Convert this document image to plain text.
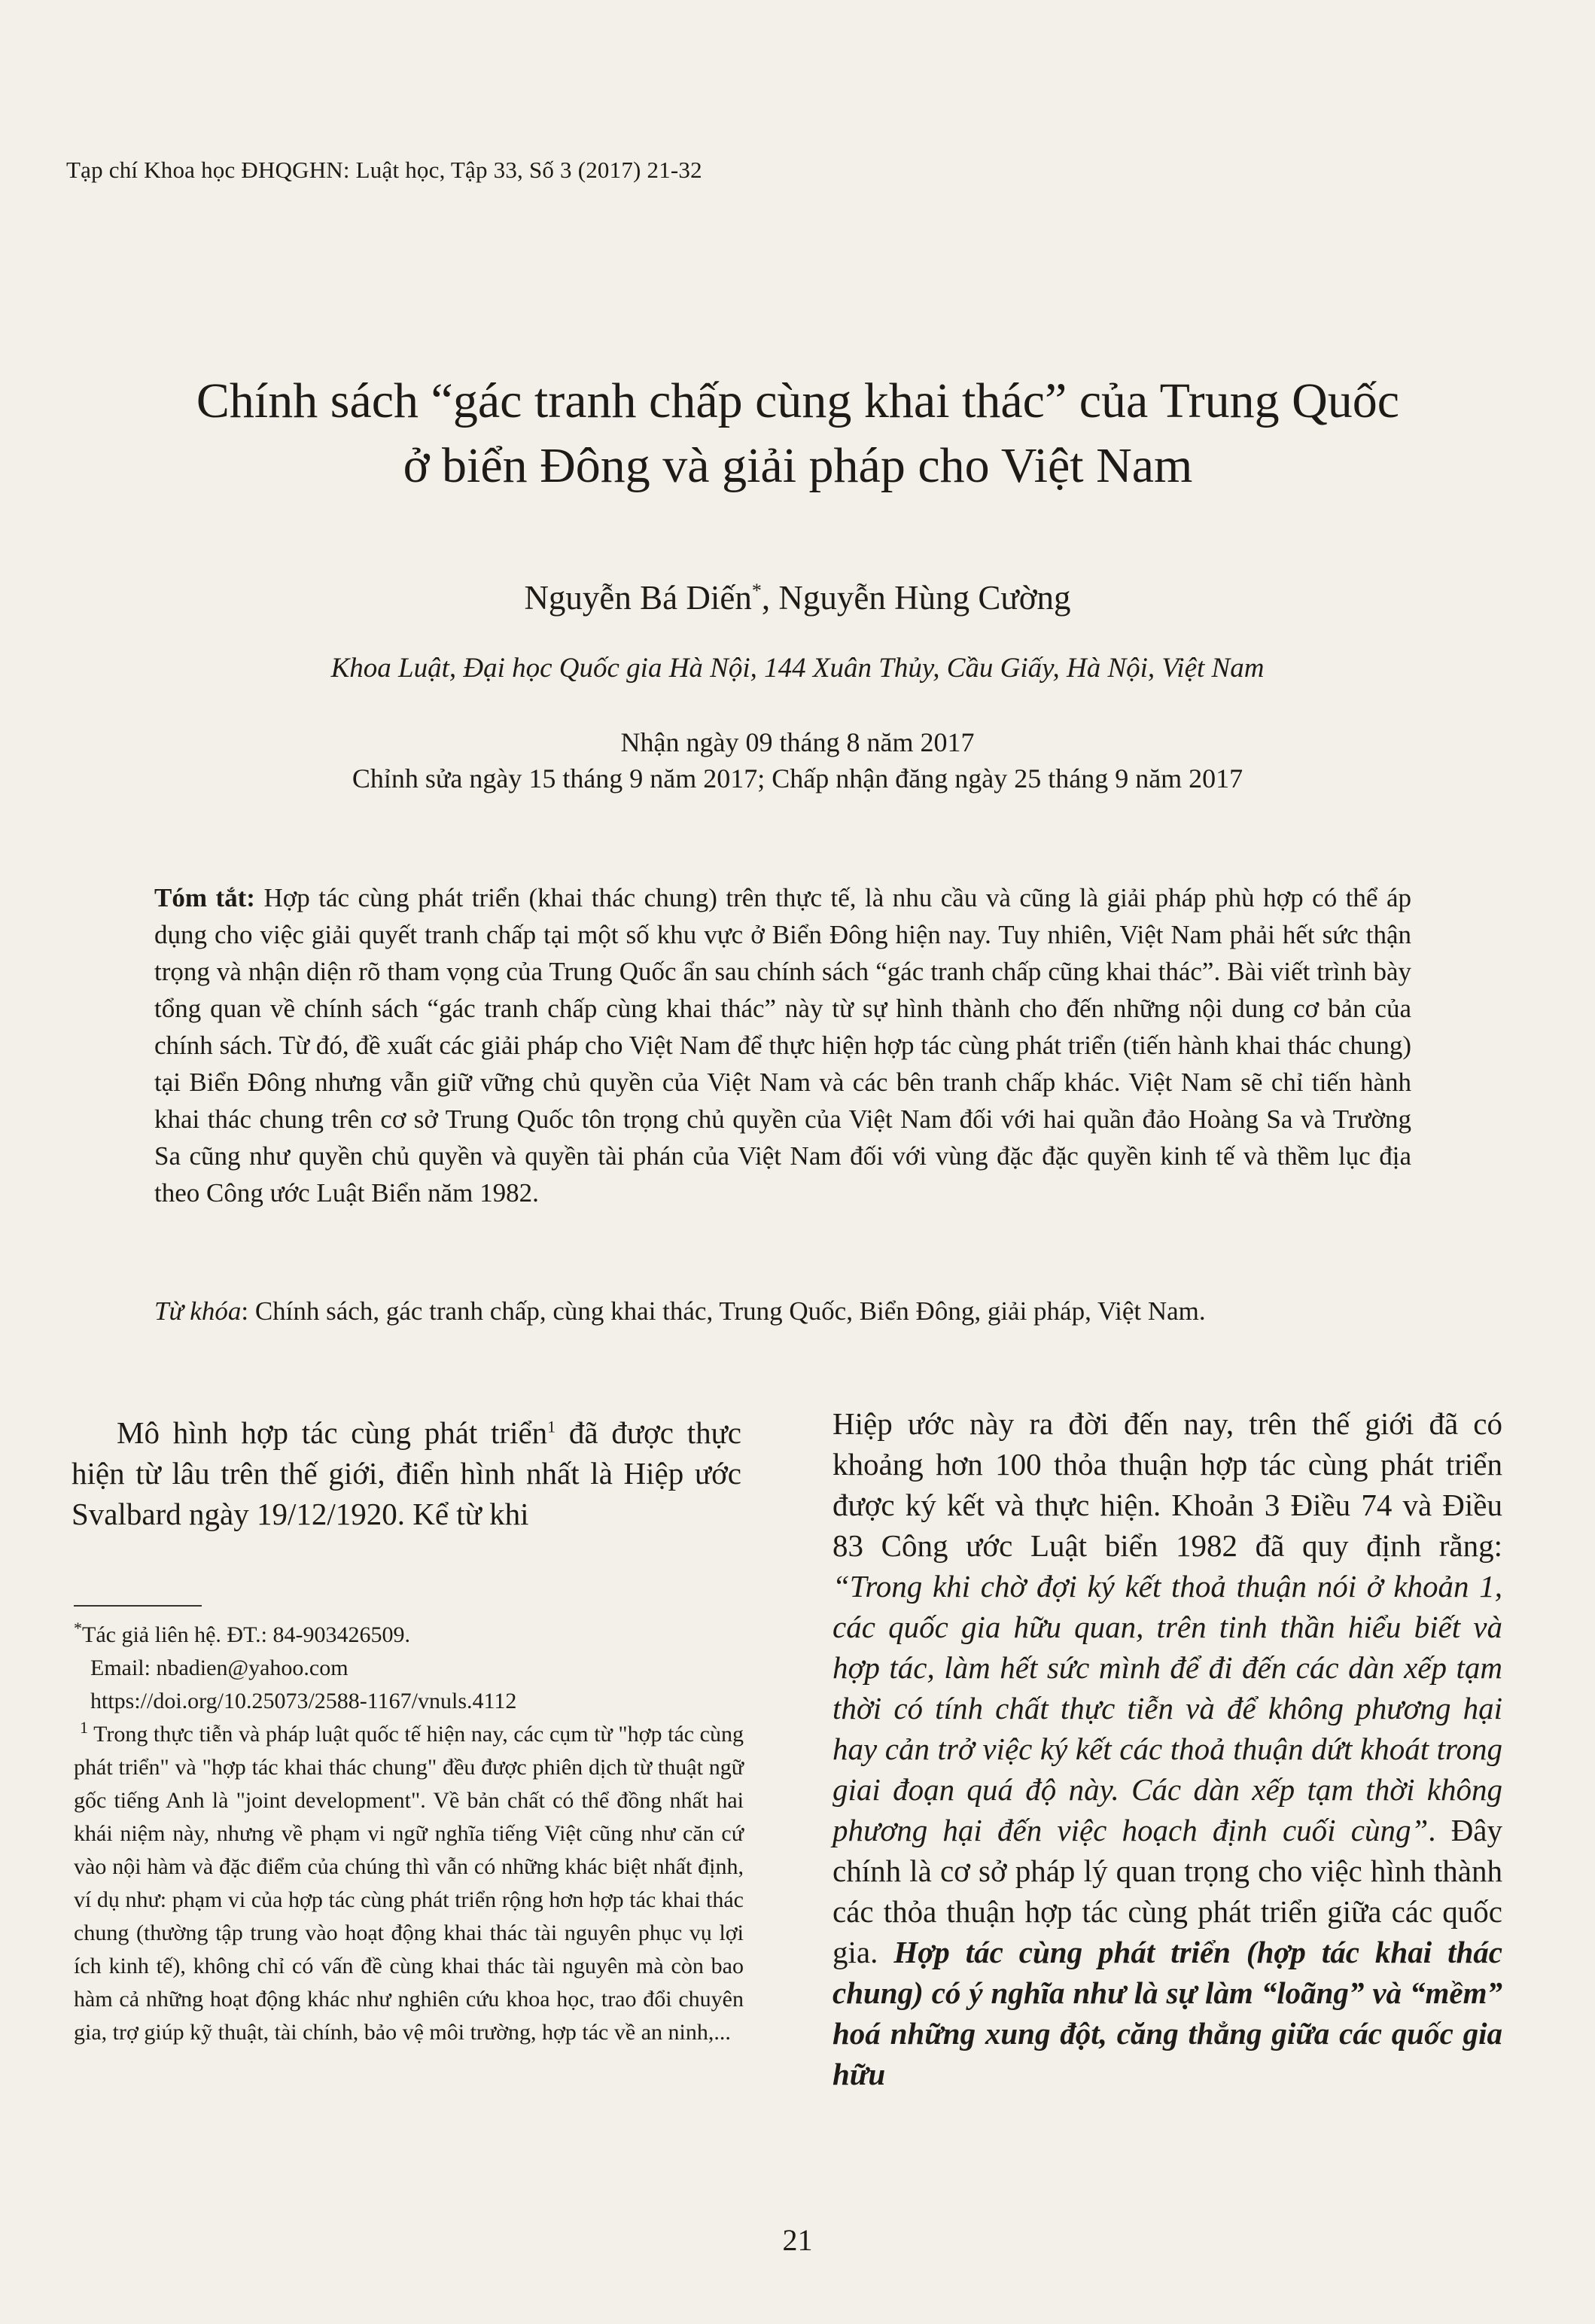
Tạp chí Khoa học ĐHQGHN: Luật học, Tập 33, Số 3 (2017) 21-32
Chính sách “gác tranh chấp cùng khai thác” của Trung Quốc
ở biển Đông và giải pháp cho Việt Nam
Nguyễn Bá Diến*, Nguyễn Hùng Cường
Khoa Luật, Đại học Quốc gia Hà Nội, 144 Xuân Thủy, Cầu Giấy, Hà Nội, Việt Nam
Nhận ngày 09 tháng 8 năm 2017
Chỉnh sửa ngày 15 tháng 9 năm 2017; Chấp nhận đăng ngày 25 tháng 9 năm 2017
Tóm tắt: Hợp tác cùng phát triển (khai thác chung) trên thực tế, là nhu cầu và cũng là giải pháp phù hợp có thể áp dụng cho việc giải quyết tranh chấp tại một số khu vực ở Biển Đông hiện nay. Tuy nhiên, Việt Nam phải hết sức thận trọng và nhận diện rõ tham vọng của Trung Quốc ẩn sau chính sách “gác tranh chấp cũng khai thác”. Bài viết trình bày tổng quan về chính sách “gác tranh chấp cùng khai thác” này từ sự hình thành cho đến những nội dung cơ bản của chính sách. Từ đó, đề xuất các giải pháp cho Việt Nam để thực hiện hợp tác cùng phát triển (tiến hành khai thác chung) tại Biển Đông nhưng vẫn giữ vững chủ quyền của Việt Nam và các bên tranh chấp khác. Việt Nam sẽ chỉ tiến hành khai thác chung trên cơ sở Trung Quốc tôn trọng chủ quyền của Việt Nam đối với hai quần đảo Hoàng Sa và Trường Sa cũng như quyền chủ quyền và quyền tài phán của Việt Nam đối với vùng đặc đặc quyền kinh tế và thềm lục địa theo Công ước Luật Biển năm 1982.
Từ khóa: Chính sách, gác tranh chấp, cùng khai thác, Trung Quốc, Biển Đông, giải pháp, Việt Nam.
Mô hình hợp tác cùng phát triển$^1$ đã được thực hiện từ lâu trên thế giới, điển hình nhất là Hiệp ước Svalbard ngày 19/12/1920. Kể từ khi

*Tác giả liên hệ. ĐT.: 84-903426509.

Email: nbadien@yahoo.com

https://doi.org/10.25073/2588-1167/vnuls.4112

$^1$ Trong thực tiễn và pháp luật quốc tế hiện nay, các cụm từ "hợp tác cùng phát triển" và "hợp tác khai thác chung" đều được phiên dịch từ thuật ngữ gốc tiếng Anh là "joint development". Về bản chất có thể đồng nhất hai khái niệm này, nhưng về phạm vi ngữ nghĩa tiếng Việt cũng như căn cứ vào nội hàm và đặc điểm của chúng thì vẫn có những khác biệt nhất định, ví dụ như: phạm vi của hợp tác cùng phát triển rộng hơn hợp tác khai thác chung (thường tập trung vào hoạt động khai thác tài nguyên phục vụ lợi ích kinh tế), không chỉ có vấn đề cùng khai thác tài nguyên mà còn bao hàm cả những hoạt động khác như nghiên cứu khoa học, trao đổi chuyên gia, trợ giúp kỹ thuật, tài chính, bảo vệ môi trường, hợp tác về an ninh,...

Hiệp ước này ra đời đến nay, trên thế giới đã có khoảng hơn 100 thỏa thuận hợp tác cùng phát triển được ký kết và thực hiện. Khoản 3 Điều 74 và Điều 83 Công ước Luật biển 1982 đã quy định rằng: “Trong khi chờ đợi ký kết thoả thuận nói ở khoản 1, các quốc gia hữu quan, trên tinh thần hiểu biết và hợp tác, làm hết sức mình để đi đến các dàn xếp tạm thời có tính chất thực tiễn và để không phương hại hay cản trở việc ký kết các thoả thuận dứt khoát trong giai đoạn quá độ này. Các dàn xếp tạm thời không phương hại đến việc hoạch định cuối cùng”. Đây chính là cơ sở pháp lý quan trọng cho việc hình thành các thỏa thuận hợp tác cùng phát triển giữa các quốc gia. Hợp tác cùng phát triển (hợp tác khai thác chung) có ý nghĩa như là sự làm “loãng” và “mềm” hoá những xung đột, căng thẳng giữa các quốc gia hữu
21
